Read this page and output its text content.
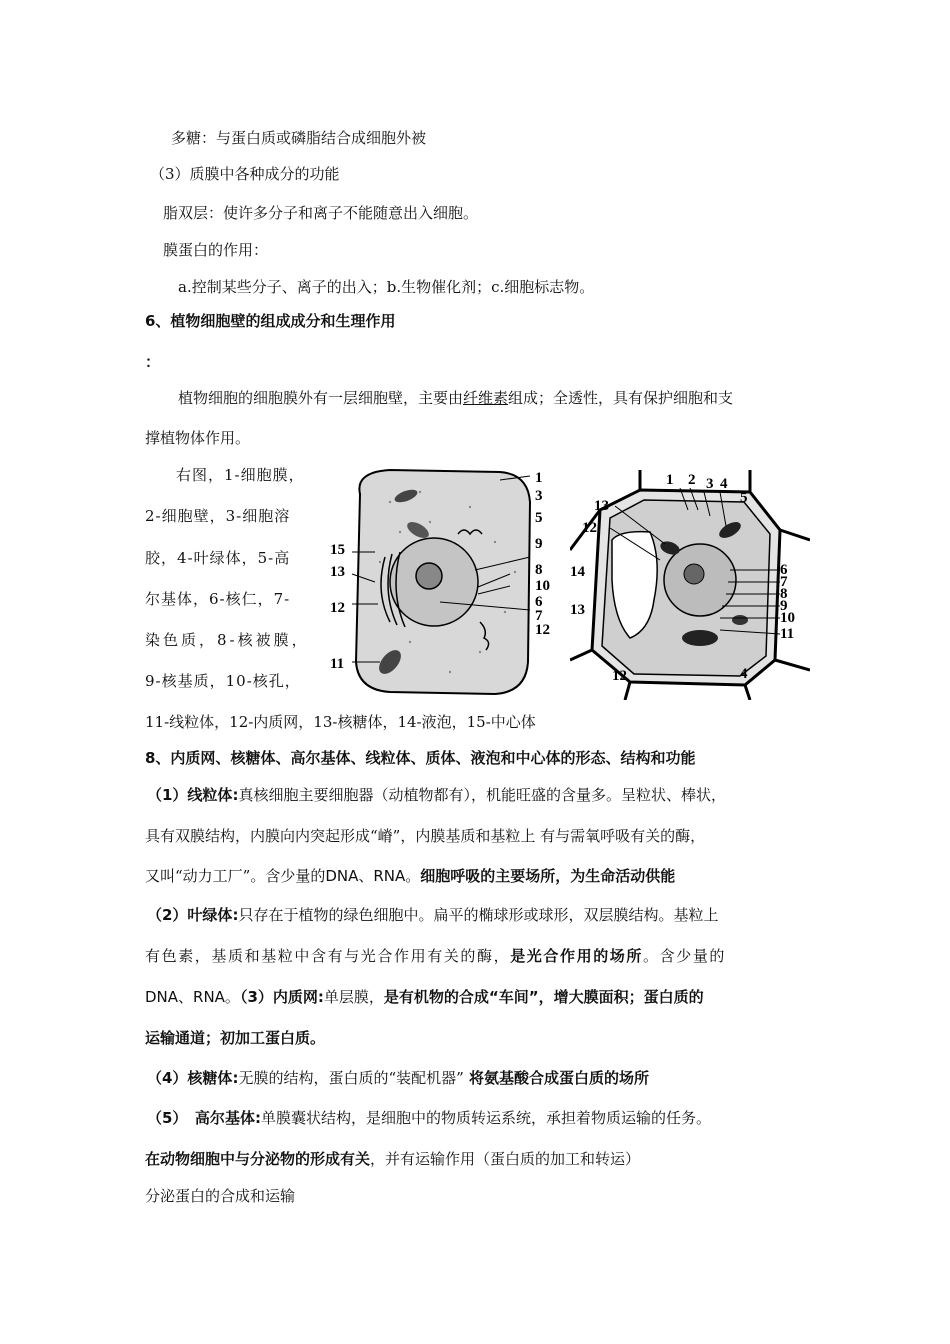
多糖：与蛋白质或磷脂结合成细胞外被
（3）质膜中各种成分的功能
脂双层：使许多分子和离子不能随意出入细胞。
膜蛋白的作用：
a.控制某些分子、离子的出入；b.生物催化剂；c.细胞标志物。
6、植物细胞壁的组成成分和生理作用
：
植物细胞的细胞膜外有一层细胞壁，主要由纤维素组成；全透性，具有保护细胞和支
撑植物体作用。
右图，1-细胞膜，
2-细胞壁，3-细胞溶
胶，4-叶绿体，5-高
尔基体，6-核仁，7-
染色质，8-核被膜，
9-核基质，10-核孔，
11-线粒体，12-内质网，13-核糖体，14-液泡，15-中心体
1
3
5
9
8
10
6
7
12
15
13
12
11
1 2 3 4
5
13
12
14	6
7
8
9
10
13
11
12	4
8、内质网、核糖体、高尔基体、线粒体、质体、液泡和中心体的形态、结构和功能
（1）线粒体:真核细胞主要细胞器（动植物都有），机能旺盛的含量多。呈粒状、棒状，
具有双膜结构，内膜向内突起形成“嵴”，内膜基质和基粒上 有与需氧呼吸有关的酶，
又叫“动力工厂”。含少量的DNA、RNA。细胞呼吸的主要场所，为生命活动供能
（2）叶绿体:只存在于植物的绿色细胞中。扁平的椭球形或球形，双层膜结构。基粒上
有色素，基质和基粒中含有与光合作用有关的酶，是光合作用的场所。含少量的
DNA、RNA。（3）内质网:单层膜，是有机物的合成“车间”，增大膜面积；蛋白质的
运输通道；初加工蛋白质。
（4）核糖体:无膜的结构，蛋白质的“装配机器” 将氨基酸合成蛋白质的场所
（5）　高尔基体:单膜囊状结构，是细胞中的物质转运系统，承担着物质运输的任务。
在动物细胞中与分泌物的形成有关，并有运输作用（蛋白质的加工和转运）
分泌蛋白的合成和运输
